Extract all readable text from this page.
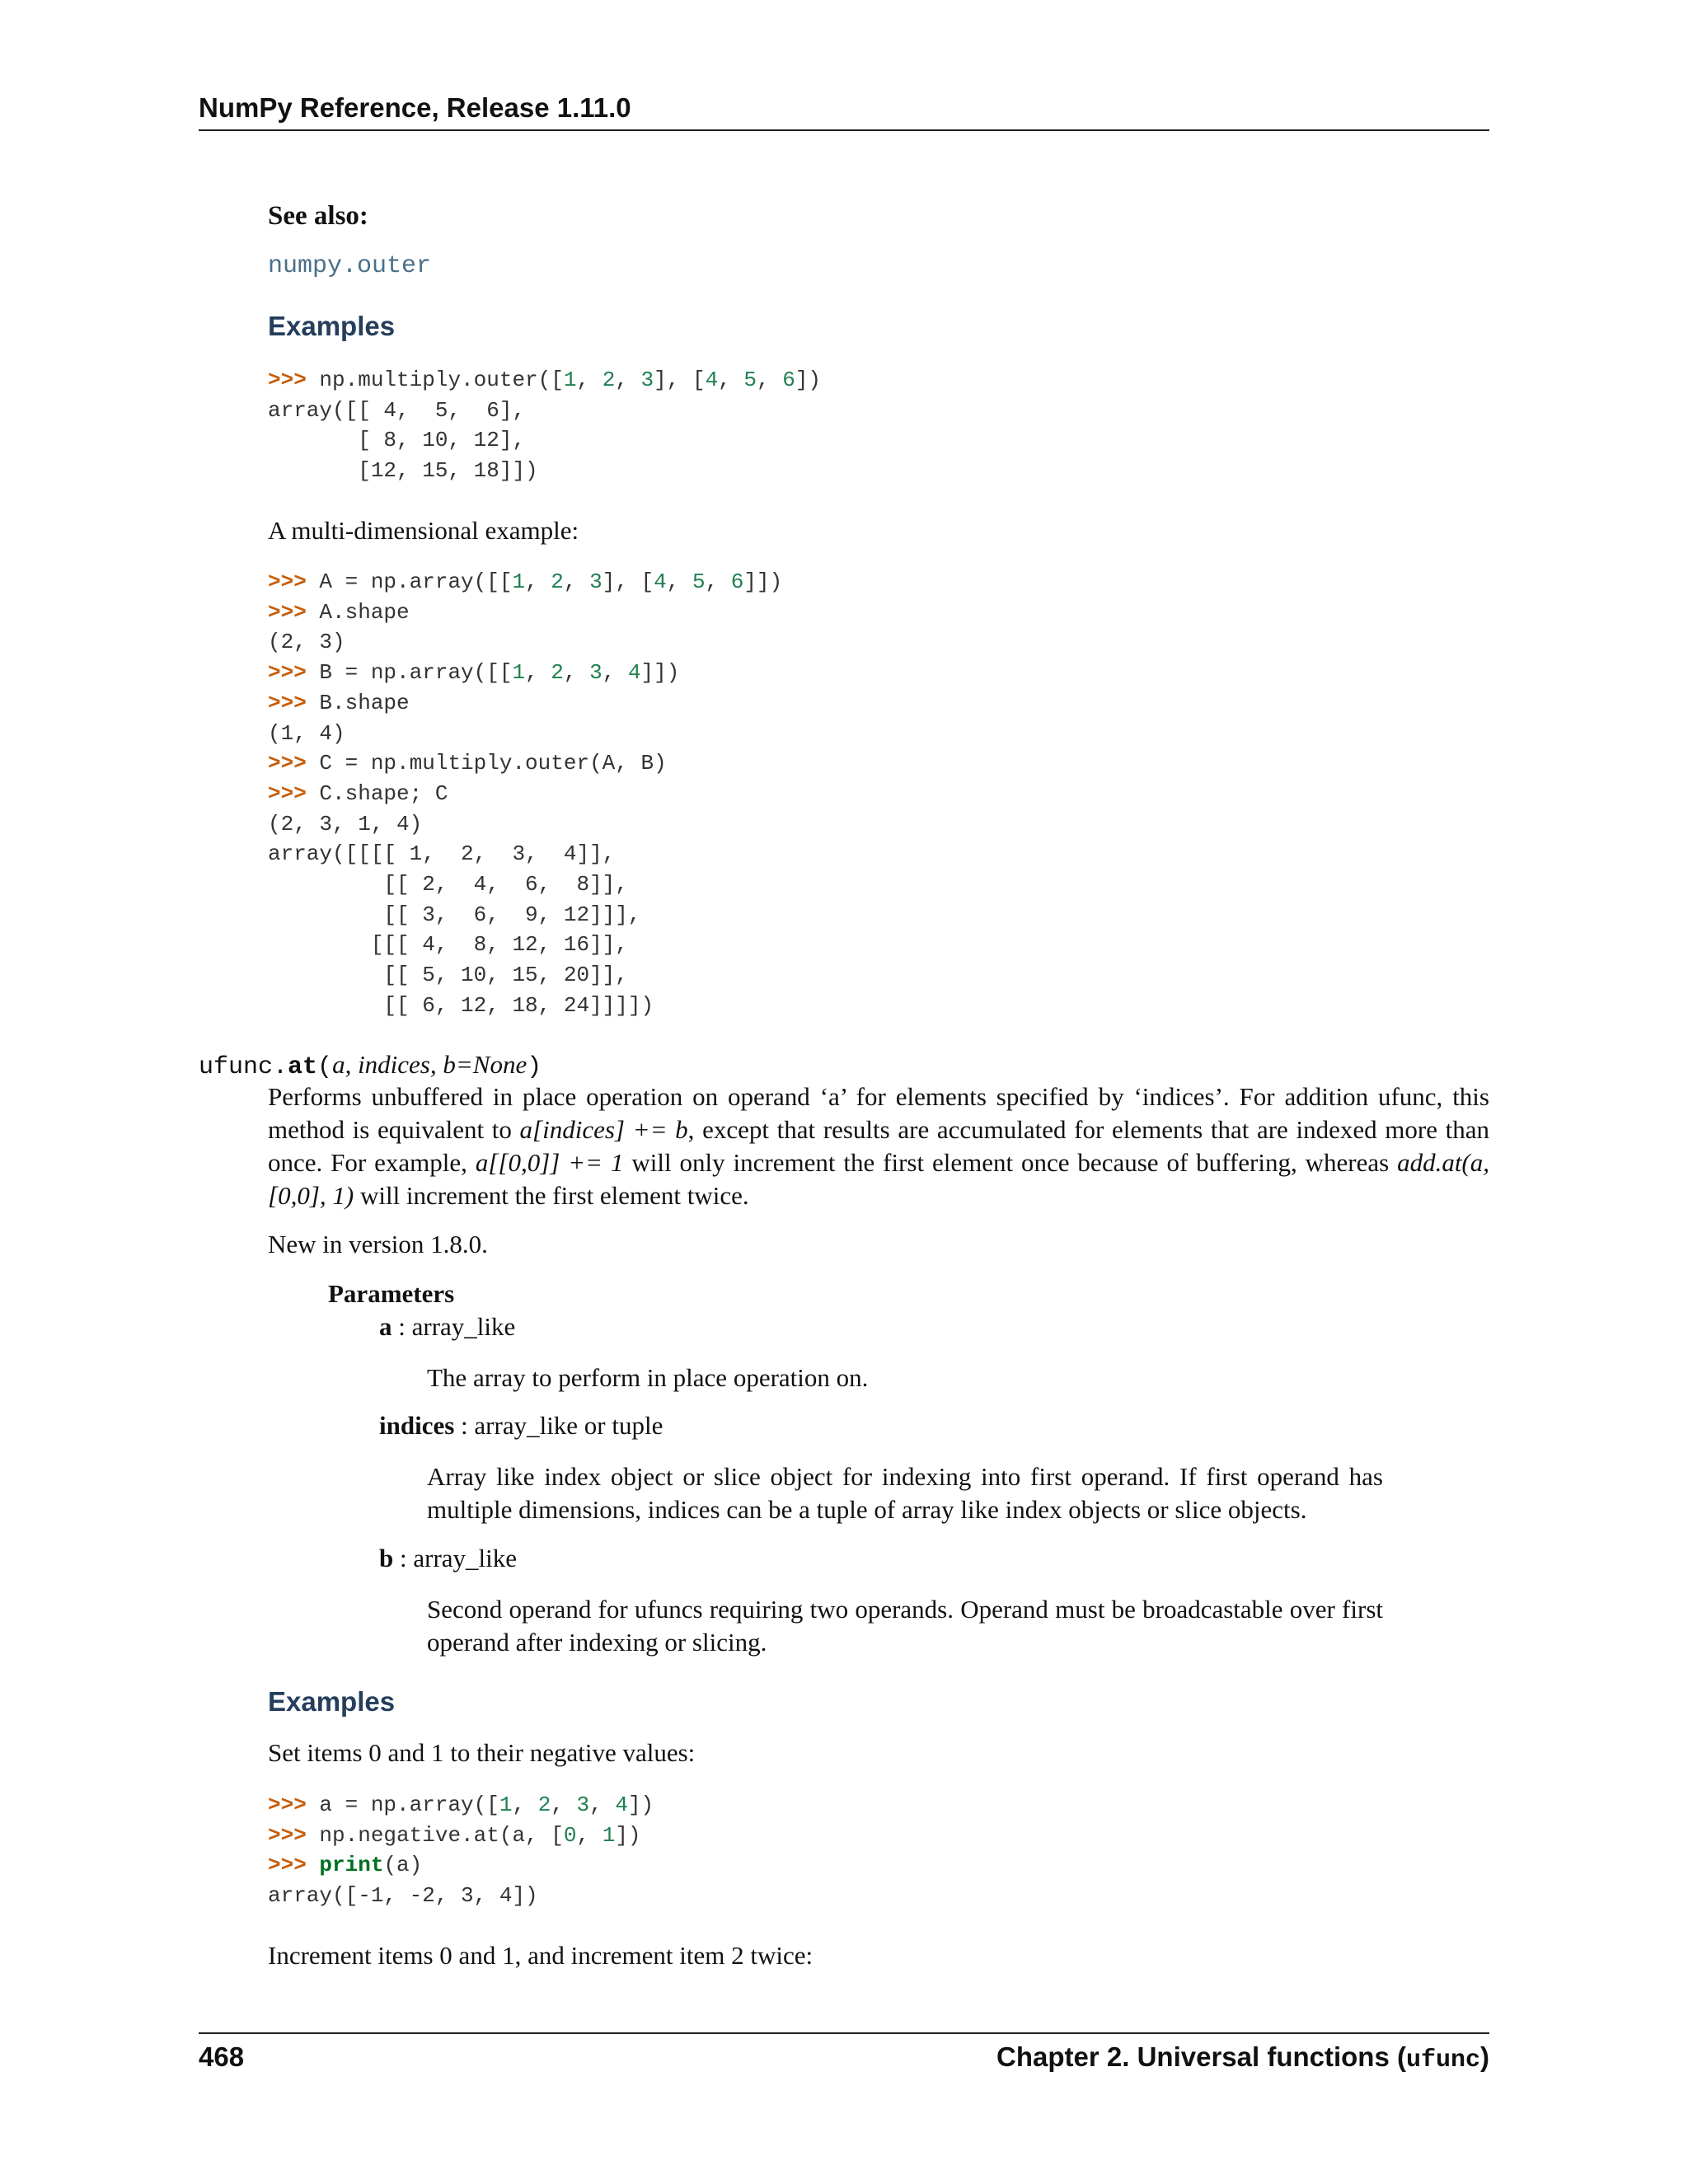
NumPy Reference, Release 1.11.0
See also:
numpy.outer
Examples
>>> np.multiply.outer([1, 2, 3], [4, 5, 6])
array([[ 4,  5,  6],
[ 8, 10, 12],
[12, 15, 18]])
A multi-dimensional example:
>>> A = np.array([[1, 2, 3], [4, 5, 6]])
>>> A.shape
(2, 3)
>>> B = np.array([[1, 2, 3, 4]])
>>> B.shape
(1, 4)
>>> C = np.multiply.outer(A, B)
>>> C.shape; C
(2, 3, 1, 4)
array([[[[ 1,  2,  3,  4]],
[[ 2,  4,  6,  8]],
[[ 3,  6,  9, 12]]],
[[[ 4,  8, 12, 16]],
[[ 5, 10, 15, 20]],
[[ 6, 12, 18, 24]]]])
ufunc.at(a, indices, b=None)
Performs unbuffered in place operation on operand ‘a’ for elements specified by ‘indices’. For addition ufunc, this method is equivalent to a[indices] += b, except that results are accumulated for elements that are indexed more than once. For example, a[[0,0]] += 1 will only increment the first element once because of buffering, whereas add.at(a, [0,0], 1) will increment the first element twice.
New in version 1.8.0.
Parameters
a : array_like
The array to perform in place operation on.
indices : array_like or tuple
Array like index object or slice object for indexing into first operand. If first operand has multiple dimensions, indices can be a tuple of array like index objects or slice objects.
b : array_like
Second operand for ufuncs requiring two operands. Operand must be broadcastable over first operand after indexing or slicing.
Examples
Set items 0 and 1 to their negative values:
>>> a = np.array([1, 2, 3, 4])
>>> np.negative.at(a, [0, 1])
>>> print(a)
array([-1, -2, 3, 4])
Increment items 0 and 1, and increment item 2 twice:
468	Chapter 2. Universal functions (ufunc)
